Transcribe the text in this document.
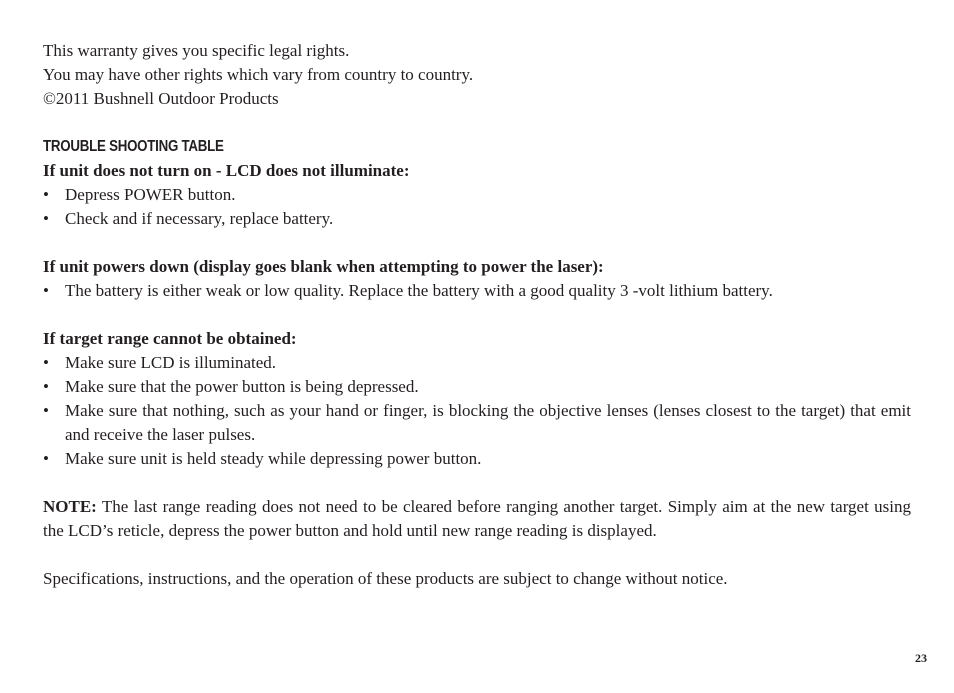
This warranty gives you specific legal rights.
You may have other rights which vary from country to country.
©2011 Bushnell Outdoor Products
TROUBLE SHOOTING TABLE
If unit does not turn on - LCD does not illuminate:
• Depress POWER button.
• Check and if necessary, replace battery.
If unit powers down (display goes blank when attempting to power the laser):
• The battery is either weak or low quality. Replace the battery with a good quality 3 -volt lithium battery.
If target range cannot be obtained:
• Make sure LCD is illuminated.
• Make sure that the power button is being depressed.
• Make sure that nothing, such as your hand or finger, is blocking the objective lenses (lenses closest to the target) that emit and receive the laser pulses.
• Make sure unit is held steady while depressing power button.
NOTE: The last range reading does not need to be cleared before ranging another target. Simply aim at the new target using the LCD’s reticle, depress the power button and hold until new range reading is displayed.
Specifications, instructions, and the operation of these products are subject to change without notice.
23
